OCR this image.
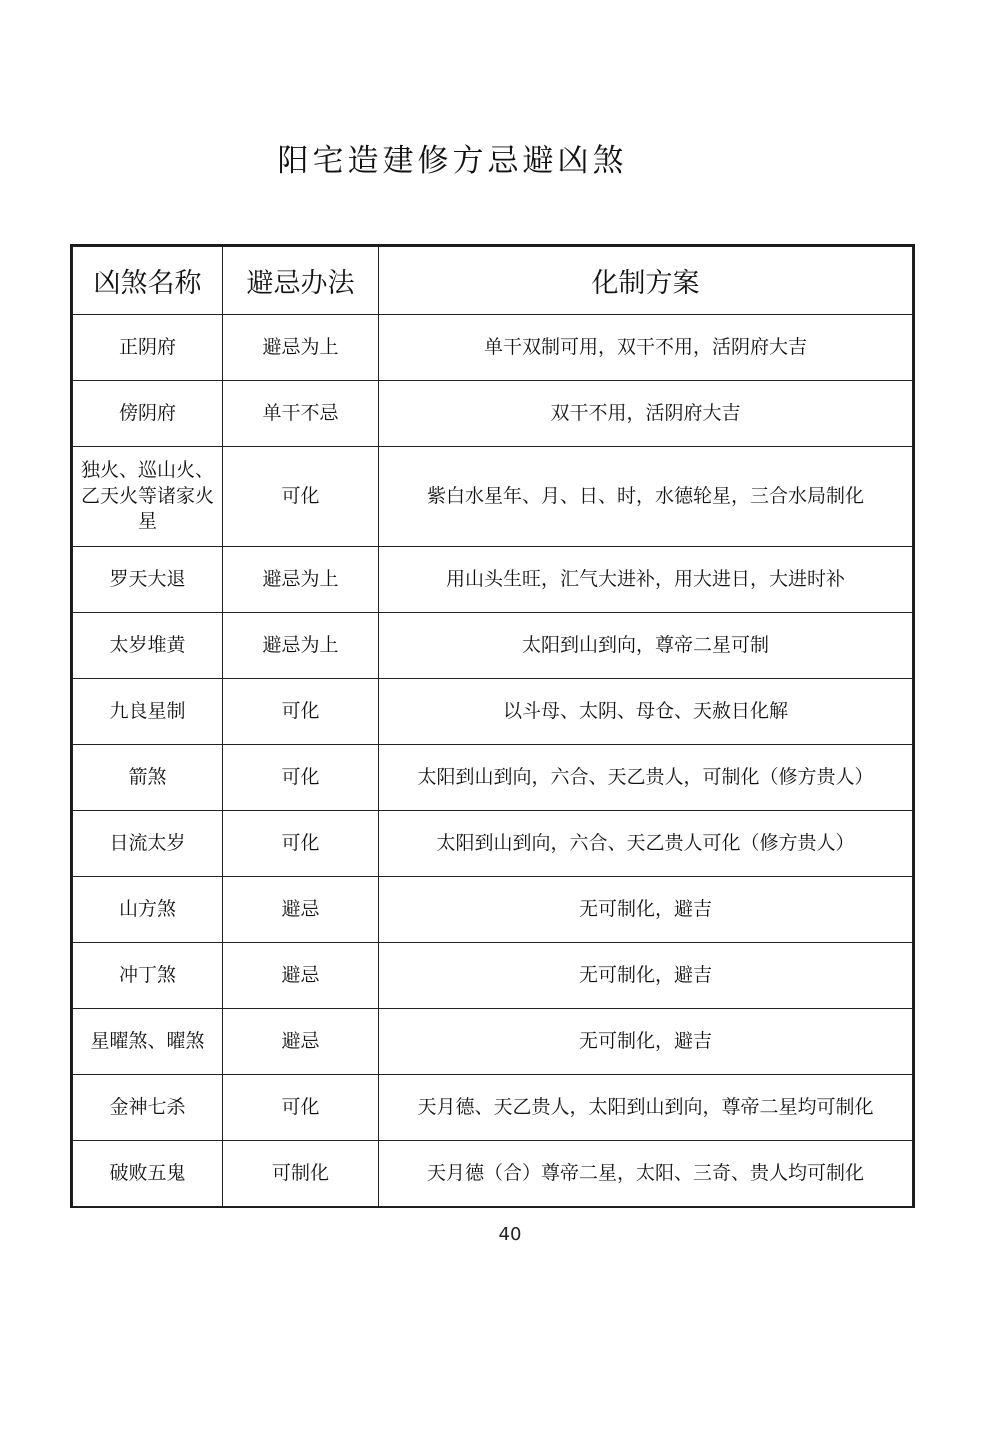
阳宅造建修方忌避凶煞
凶煞名称	避忌办法	化制方案
正阴府	避忌为上	单干双制可用，双干不用，活阴府大吉
傍阴府	单干不忌	双干不用，活阴府大吉
独火、巡山火、乙天火等诸家火星	可化	紫白水星年、月、日、时，水德轮星，三合水局制化
罗天大退	避忌为上	用山头生旺，汇气大进补，用大进日，大进时补
太岁堆黄	避忌为上	太阳到山到向，尊帝二星可制
九良星制	可化	以斗母、太阴、母仓、天赦日化解
箭煞	可化	太阳到山到向，六合、天乙贵人，可制化（修方贵人）
日流太岁	可化	太阳到山到向，六合、天乙贵人可化（修方贵人）
山方煞	避忌	无可制化，避吉
冲丁煞	避忌	无可制化，避吉
星曜煞、曜煞	避忌	无可制化，避吉
金神七杀	可化	天月德、天乙贵人，太阳到山到向，尊帝二星均可制化
破败五鬼	可制化	天月德（合）尊帝二星，太阳、三奇、贵人均可制化
40
